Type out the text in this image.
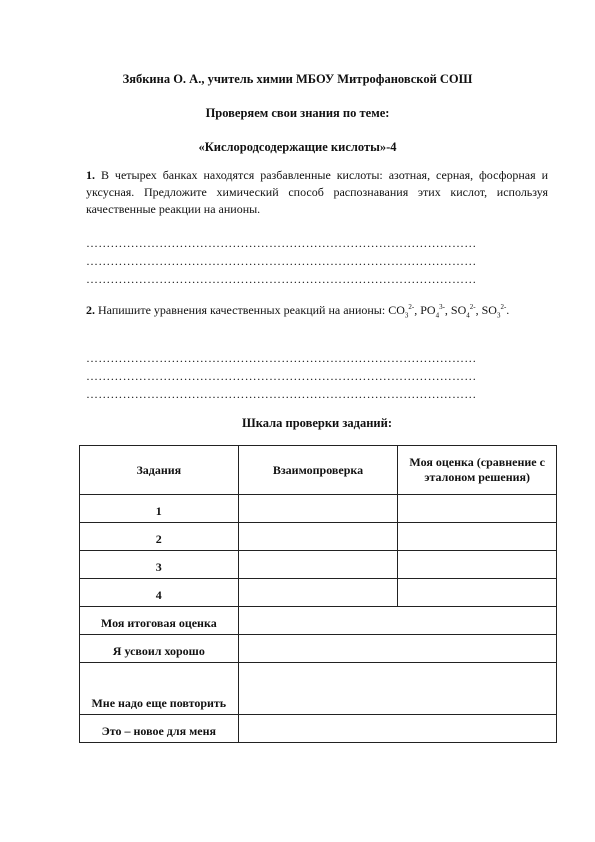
Зябкина О. А., учитель химии МБОУ Митрофановской СОШ
Проверяем свои знания по теме:
«Кислородсодержащие кислоты»-4
1. В четырех банках находятся разбавленные кислоты: азотная, серная, фосфорная и уксусная. Предложите химический способ распознавания этих кислот, используя качественные реакции на анионы.
……………………………………………………………………………………
……………………………………………………………………………………
……………………………………………………………………………………
2. Напишите уравнения качественных реакций на анионы: $CO_3^{2-}$, $PO_4^{3-}$, $SO_4^{2-}$, $SO_3^{2-}$.
……………………………………………………………………………………
……………………………………………………………………………………
……………………………………………………………………………………
Шкала проверки заданий:
Задания	Взаимопроверка	Моя оценка (сравнение с эталоном решения)
1		
2		
3		
4		
Моя итоговая оценка		
Я усвоил хорошо		
Мне надо еще повторить		
Это – новое для меня		
